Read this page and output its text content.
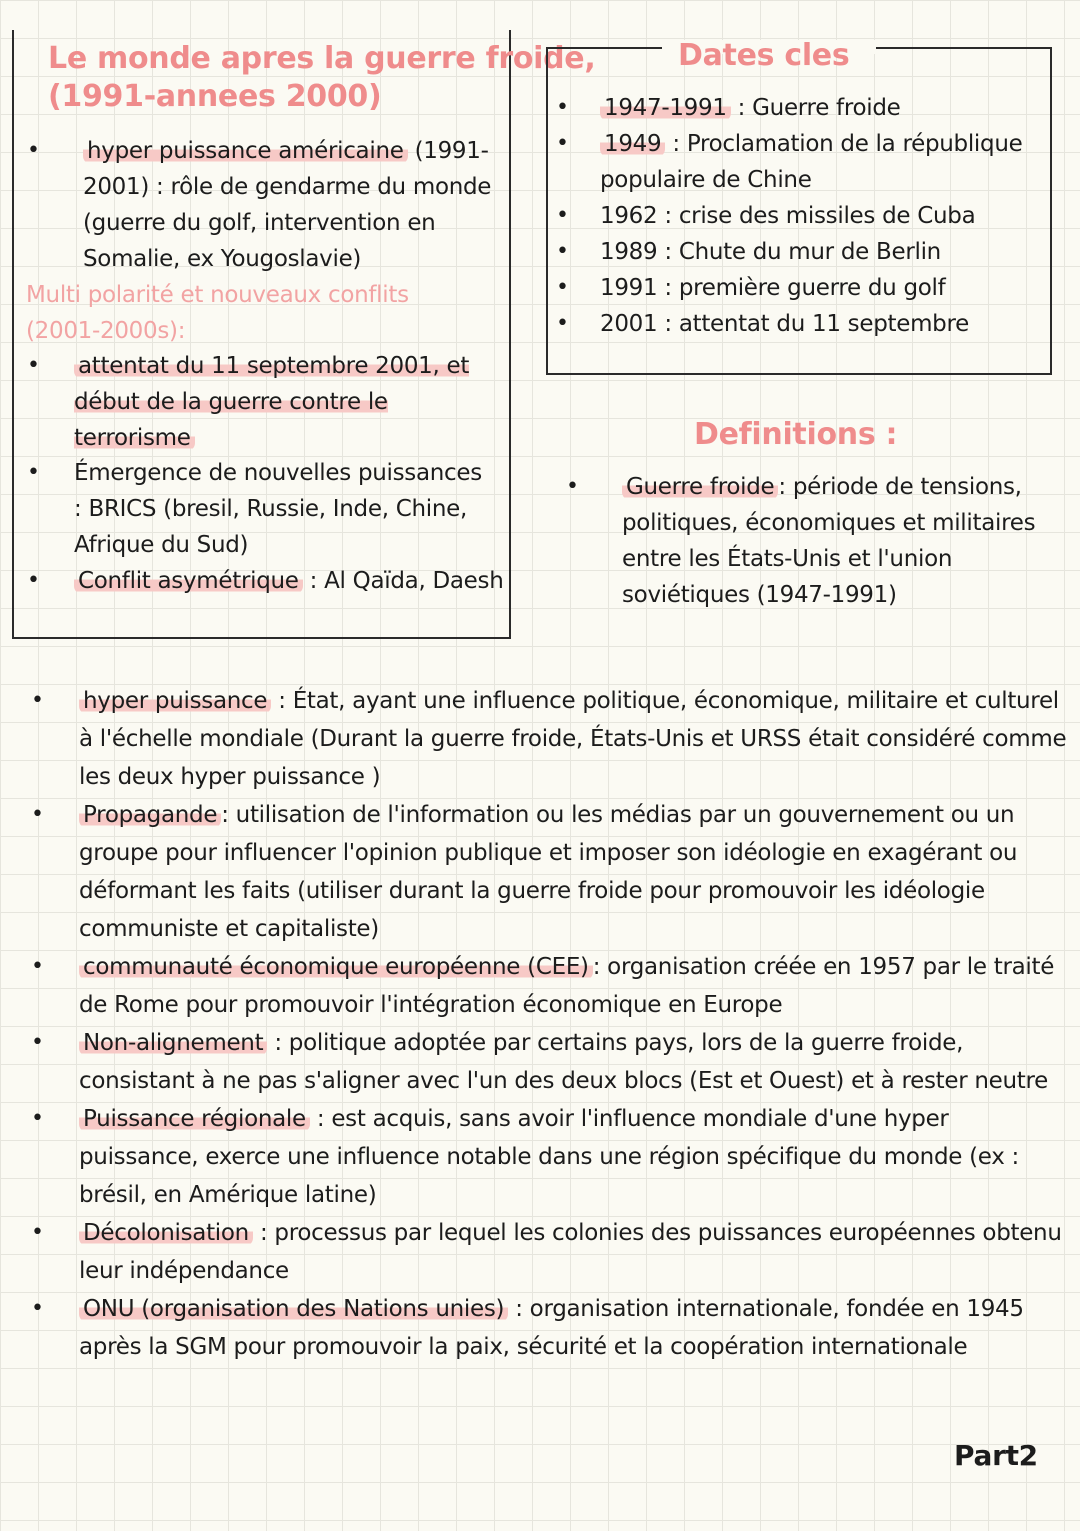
Le monde apres la guerre froide,
(1991-annees 2000)
• hyper puissance américaine (1991-2001) : rôle de gendarme du monde (guerre du golf, intervention en Somalie, ex Yougoslavie)
Multi polarité et nouveaux conflits (2001-2000s):
• attentat du 11 septembre 2001, et début de la guerre contre le terrorisme
• Émergence de nouvelles puissances : BRICS (bresil, Russie, Inde, Chine, Afrique du Sud)
• Conflit asymétrique : Al Qaïda, Daesh
Dates cles
• 1947-1991 : Guerre froide
• 1949 : Proclamation de la république populaire de Chine
• 1962 : crise des missiles de Cuba
• 1989 : Chute du mur de Berlin
• 1991 : première guerre du golf
• 2001 : attentat du 11 septembre
Definitions :
• Guerre froide : période de tensions, politiques, économiques et militaires entre les États-Unis et l'union soviétiques (1947-1991)
• hyper puissance : État, ayant une influence politique, économique, militaire et culturel à l'échelle mondiale (Durant la guerre froide, États-Unis et URSS était considéré comme les deux hyper puissance )
• Propagande : utilisation de l'information ou les médias par un gouvernement ou un groupe pour influencer l'opinion publique et imposer son idéologie en exagérant ou déformant les faits (utiliser durant la guerre froide pour promouvoir les idéologie communiste et capitaliste)
• communauté économique européenne (CEE) : organisation créée en 1957 par le traité de Rome pour promouvoir l'intégration économique en Europe
• Non-alignement : politique adoptée par certains pays, lors de la guerre froide, consistant à ne pas s'aligner avec l'un des deux blocs (Est et Ouest) et à rester neutre
• Puissance régionale : est acquis, sans avoir l'influence mondiale d'une hyper puissance, exerce une influence notable dans une région spécifique du monde (ex : brésil, en Amérique latine)
• Décolonisation : processus par lequel les colonies des puissances européennes obtenu leur indépendance
• ONU (organisation des Nations unies) : organisation internationale, fondée en 1945 après la SGM pour promouvoir la paix, sécurité et la coopération internationale
Part2
